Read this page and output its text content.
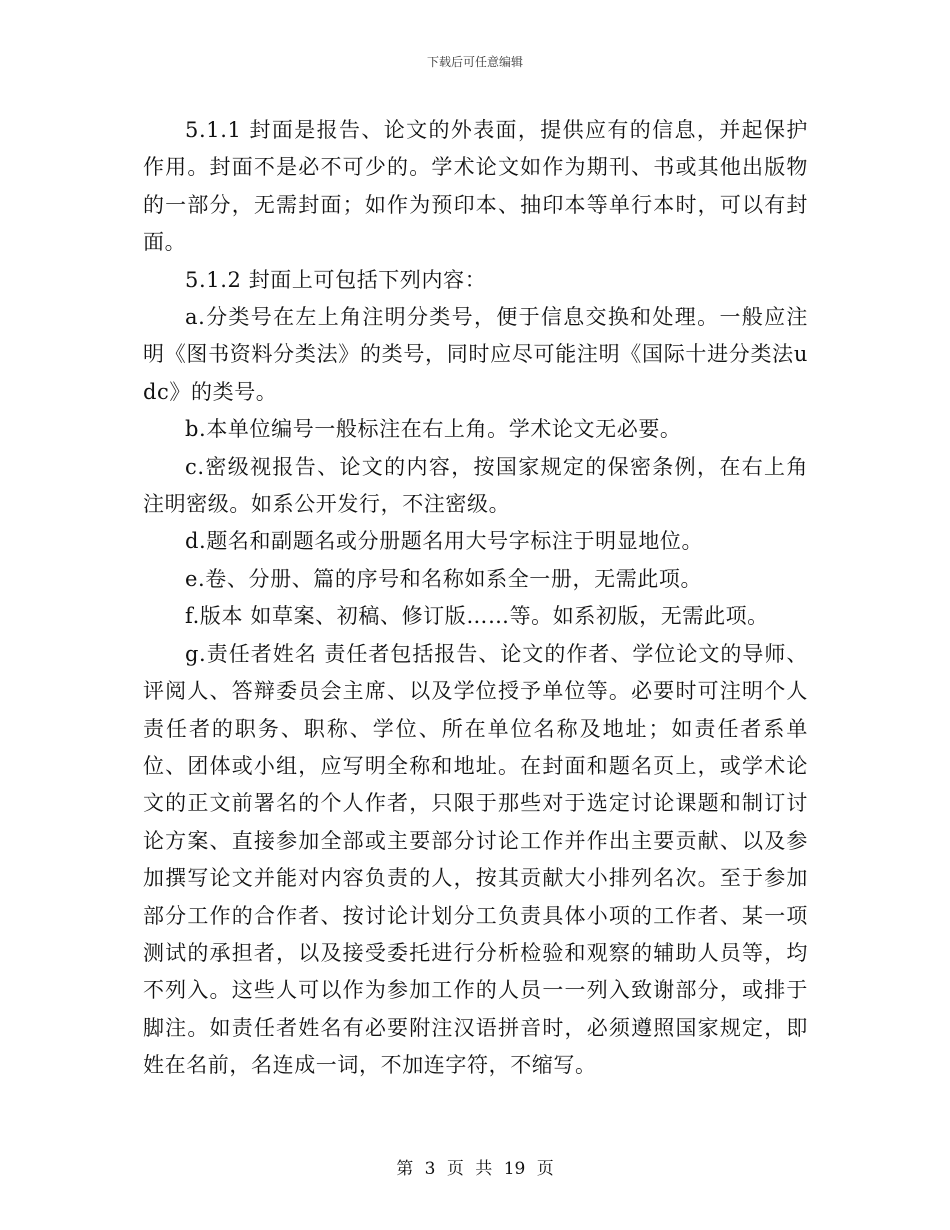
下载后可任意编辑

5.1.1 封面是报告、论文的外表面，提供应有的信息，并起保护作用。封面不是必不可少的。学术论文如作为期刊、书或其他出版物的一部分，无需封面；如作为预印本、抽印本等单行本时，可以有封面。

5.1.2 封面上可包括下列内容：

a.分类号在左上角注明分类号，便于信息交换和处理。一般应注明《图书资料分类法》的类号，同时应尽可能注明《国际十进分类法udc》的类号。

b.本单位编号一般标注在右上角。学术论文无必要。

c.密级视报告、论文的内容，按国家规定的保密条例，在右上角注明密级。如系公开发行，不注密级。

d.题名和副题名或分册题名用大号字标注于明显地位。

e.卷、分册、篇的序号和名称如系全一册，无需此项。

f.版本 如草案、初稿、修订版……等。如系初版，无需此项。

g.责任者姓名 责任者包括报告、论文的作者、学位论文的导师、评阅人、答辩委员会主席、以及学位授予单位等。必要时可注明个人责任者的职务、职称、学位、所在单位名称及地址；如责任者系单位、团体或小组，应写明全称和地址。在封面和题名页上，或学术论文的正文前署名的个人作者，只限于那些对于选定讨论课题和制订讨论方案、直接参加全部或主要部分讨论工作并作出主要贡献、以及参加撰写论文并能对内容负责的人，按其贡献大小排列名次。至于参加部分工作的合作者、按讨论计划分工负责具体小项的工作者、某一项测试的承担者，以及接受委托进行分析检验和观察的辅助人员等，均不列入。这些人可以作为参加工作的人员一一列入致谢部分，或排于脚注。如责任者姓名有必要附注汉语拼音时，必须遵照国家规定，即姓在名前，名连成一词，不加连字符，不缩写。

第 3 页 共 19 页
